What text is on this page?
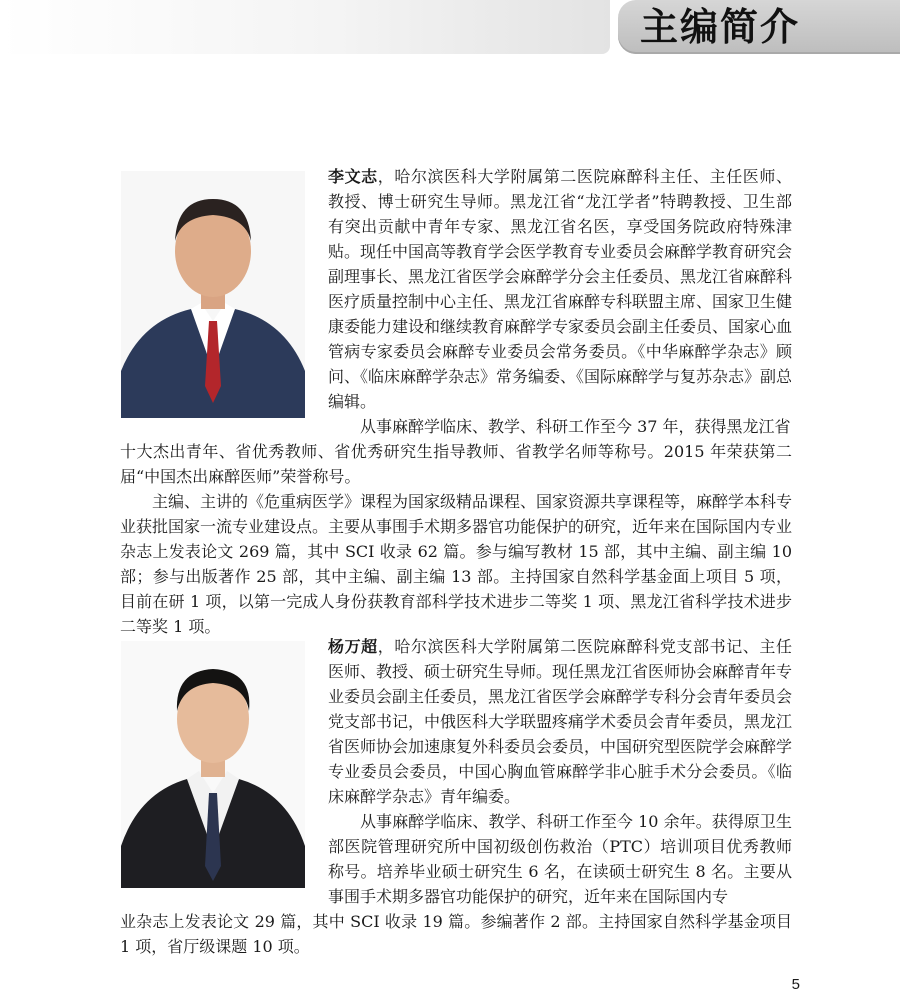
主编简介

李文志，哈尔滨医科大学附属第二医院麻醉科主任、主任医师、教授、博士研究生导师。黑龙江省“龙江学者”特聘教授、卫生部有突出贡献中青年专家、黑龙江省名医，享受国务院政府特殊津贴。现任中国高等教育学会医学教育专业委员会麻醉学教育研究会副理事长、黑龙江省医学会麻醉学分会主任委员、黑龙江省麻醉科医疗质量控制中心主任、黑龙江省麻醉专科联盟主席、国家卫生健康委能力建设和继续教育麻醉学专家委员会副主任委员、国家心血管病专家委员会麻醉专业委员会常务委员。《中华麻醉学杂志》顾问、《临床麻醉学杂志》常务编委、《国际麻醉学与复苏杂志》副总编辑。

从事麻醉学临床、教学、科研工作至今 37 年，获得黑龙江省

十大杰出青年、省优秀教师、省优秀研究生指导教师、省教学名师等称号。2015 年荣获第二届“中国杰出麻醉医师”荣誉称号。

主编、主讲的《危重病医学》课程为国家级精品课程、国家资源共享课程等，麻醉学本科专业获批国家一流专业建设点。主要从事围手术期多器官功能保护的研究，近年来在国际国内专业杂志上发表论文 269 篇，其中 SCI 收录 62 篇。参与编写教材 15 部，其中主编、副主编 10 部；参与出版著作 25 部，其中主编、副主编 13 部。主持国家自然科学基金面上项目 5 项，目前在研 1 项，以第一完成人身份获教育部科学技术进步二等奖 1 项、黑龙江省科学技术进步二等奖 1 项。

杨万超，哈尔滨医科大学附属第二医院麻醉科党支部书记、主任医师、教授、硕士研究生导师。现任黑龙江省医师协会麻醉青年专业委员会副主任委员，黑龙江省医学会麻醉学专科分会青年委员会党支部书记，中俄医科大学联盟疼痛学术委员会青年委员，黑龙江省医师协会加速康复外科委员会委员，中国研究型医院学会麻醉学专业委员会委员，中国心胸血管麻醉学非心脏手术分会委员。《临床麻醉学杂志》青年编委。

从事麻醉学临床、教学、科研工作至今 10 余年。获得原卫生部医院管理研究所中国初级创伤救治（PTC）培训项目优秀教师称号。培养毕业硕士研究生 6 名，在读硕士研究生 8 名。主要从事围手术期多器官功能保护的研究，近年来在国际国内专

业杂志上发表论文 29 篇，其中 SCI 收录 19 篇。参编著作 2 部。主持国家自然科学基金项目 1 项，省厅级课题 10 项。

5
